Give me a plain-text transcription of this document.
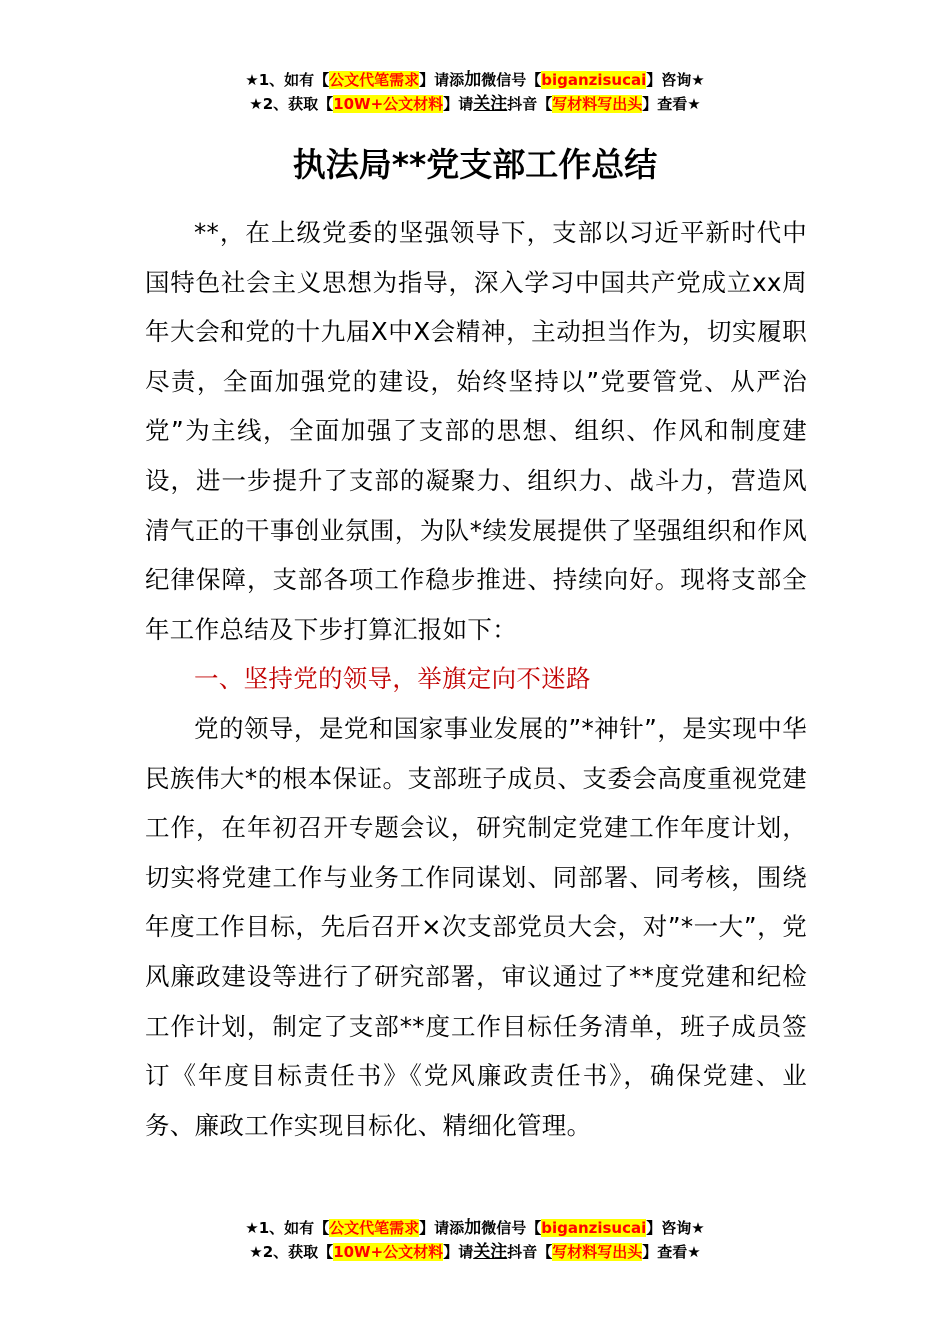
★1、如有【公文代笔需求】请添加微信号【biganzisucai】咨询★
★2、获取【10W+公文材料】请关注抖音【写材料写出头】查看★
执法局**党支部工作总结

**，在上级党委的坚强领导下，支部以习近平新时代中国特色社会主义思想为指导，深入学习中国共产党成立xx周年大会和党的十九届X中X会精神，主动担当作为，切实履职尽责，全面加强党的建设，始终坚持以”党要管党、从严治党”为主线，全面加强了支部的思想、组织、作风和制度建设，进一步提升了支部的凝聚力、组织力、战斗力，营造风清气正的干事创业氛围，为队*续发展提供了坚强组织和作风纪律保障，支部各项工作稳步推进、持续向好。现将支部全年工作总结及下步打算汇报如下：

一、坚持党的领导，举旗定向不迷路

党的领导，是党和国家事业发展的”*神针”，是实现中华民族伟大*的根本保证。支部班子成员、支委会高度重视党建工作，在年初召开专题会议，研究制定党建工作年度计划，切实将党建工作与业务工作同谋划、同部署、同考核，围绕年度工作目标，先后召开×次支部党员大会，对”*一大”，党风廉政建设等进行了研究部署，审议通过了**度党建和纪检工作计划，制定了支部**度工作目标任务清单，班子成员签订《年度目标责任书》《党风廉政责任书》，确保党建、业务、廉政工作实现目标化、精细化管理。

★1、如有【公文代笔需求】请添加微信号【biganzisucai】咨询★
★2、获取【10W+公文材料】请关注抖音【写材料写出头】查看★
